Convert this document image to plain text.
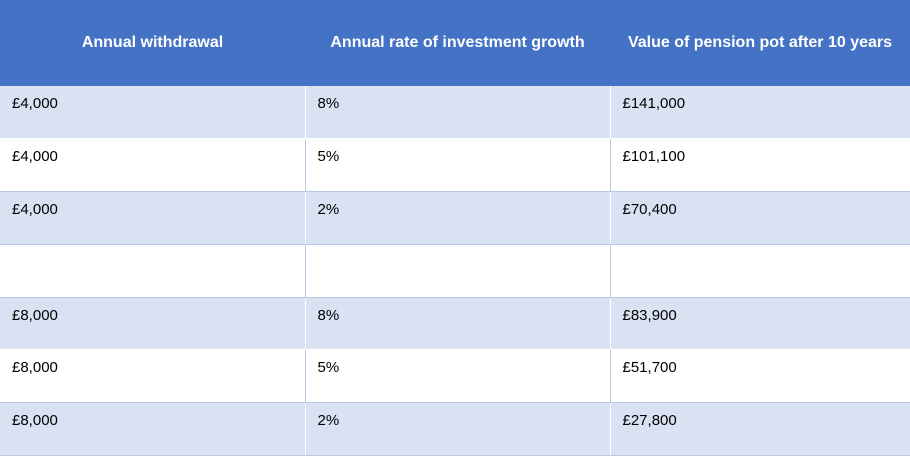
Annual withdrawal	Annual rate of investment growth	Value of pension pot after 10 years
£4,000	8%	£141,000
£4,000	5%	£101,100
£4,000	2%	£70,400

£8,000	8%	£83,900
£8,000	5%	£51,700
£8,000	2%	£27,800
